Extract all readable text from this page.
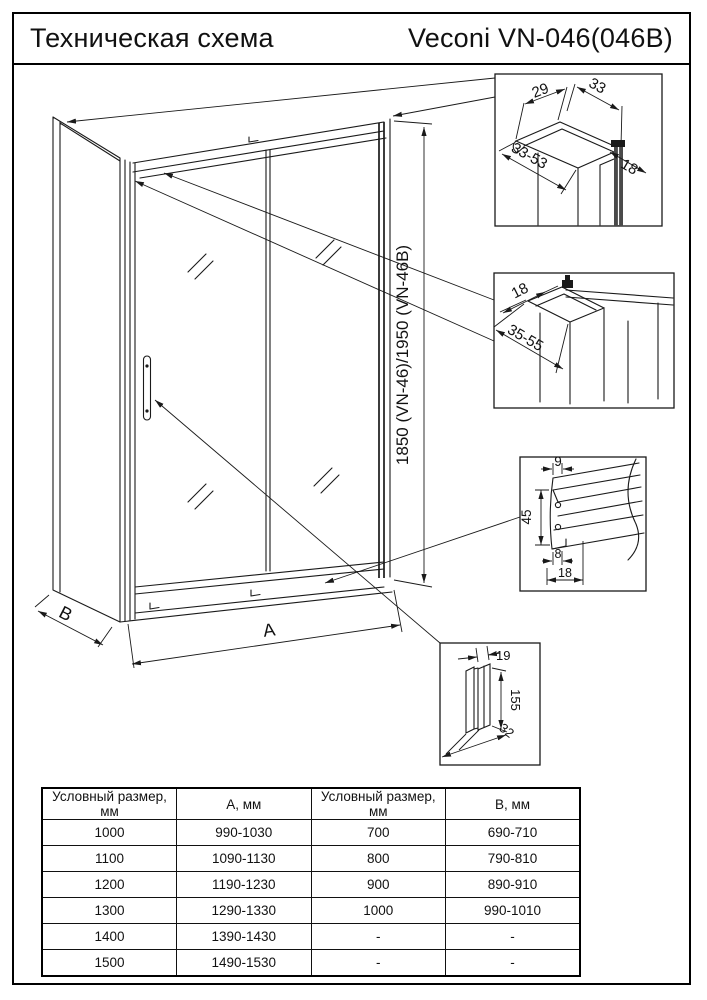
Техническая схема	Veconi VN-046(046B)
1850 (VN-46)/1950 (VN-46B)
A
B
29 33
33-53	18
18
35-55
9
45
8
18
19
155
32
Условный размер, мм	А, мм	Условный размер, мм	В, мм
1000	990-1030	700	690-710
1100	1090-1130	800	790-810
1200	1190-1230	900	890-910
1300	1290-1330	1000	990-1010
1400	1390-1430	-	-
1500	1490-1530	-	-
